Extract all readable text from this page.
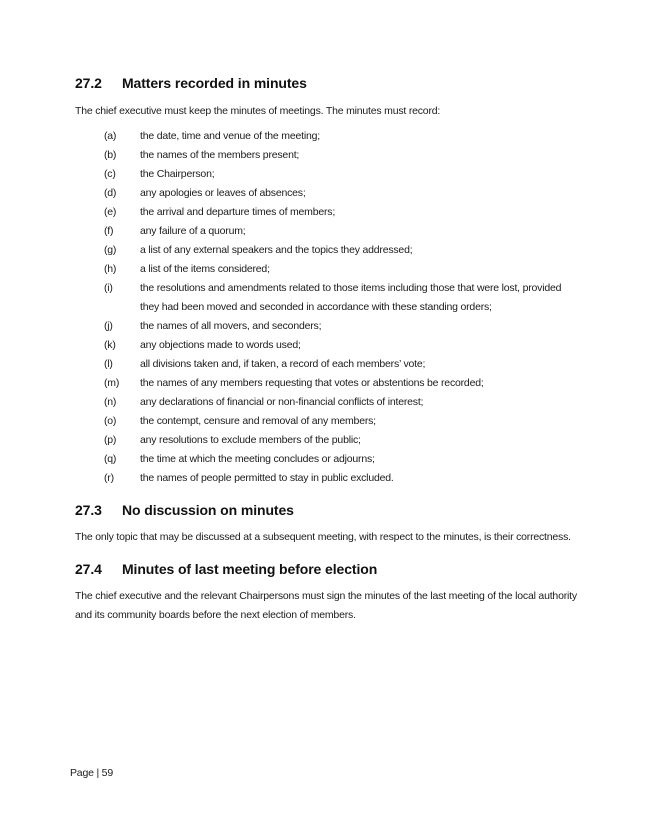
27.2	Matters recorded in minutes

The chief executive must keep the minutes of meetings. The minutes must record:

(a) the date, time and venue of the meeting;
(b) the names of the members present;
(c) the Chairperson;
(d) any apologies or leaves of absences;
(e) the arrival and departure times of members;
(f)	any failure of a quorum;
(g) a list of any external speakers and the topics they addressed;
(h) a list of the items considered;
(i)	the resolutions and amendments related to those items including those that were lost, provided they had been moved and seconded in accordance with these standing orders;
(j)	the names of all movers, and seconders;
(k) any objections made to words used;
(l)	all divisions taken and, if taken, a record of each members’ vote;
(m) the names of any members requesting that votes or abstentions be recorded;
(n) any declarations of financial or non-financial conflicts of interest;
(o) the contempt, censure and removal of any members;
(p) any resolutions to exclude members of the public;
(q) the time at which the meeting concludes or adjourns;
(r) the names of people permitted to stay in public excluded.
27.3	No discussion on minutes

The only topic that may be discussed at a subsequent meeting, with respect to the minutes, is their correctness.

27.4	Minutes of last meeting before election

The chief executive and the relevant Chairpersons must sign the minutes of the last meeting of the local authority and its community boards before the next election of members.

Page | 59
